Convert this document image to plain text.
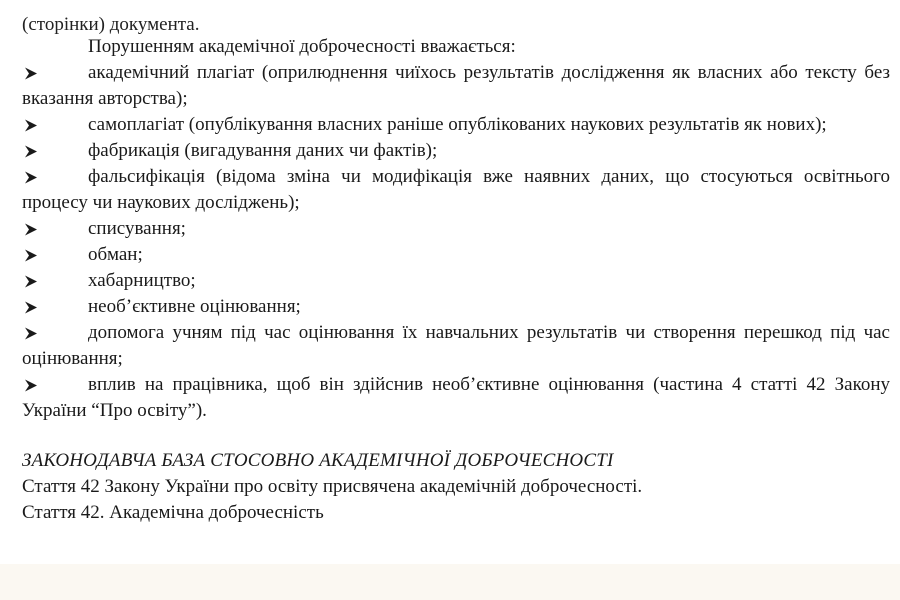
(сторінки) документа.

Порушенням академічної доброчесності вважається:

академічний плагіат (оприлюднення чиїхось результатів дослідження як власних або тексту без вказання авторства);
самоплагіат (опублікування власних раніше опублікованих наукових результатів як нових);
фабрикація (вигадування даних чи фактів);
фальсифікація (відома зміна чи модифікація вже наявних даних, що стосуються освітнього процесу чи наукових досліджень);
списування;
обман;
хабарництво;
необ’єктивне оцінювання;
допомога учням під час оцінювання їх навчальних результатів чи створення перешкод під час оцінювання;
вплив на працівника, щоб він здійснив необ’єктивне оцінювання (частина 4 статті 42 Закону України “Про освіту”).

ЗАКОНОДАВЧА БАЗА СТОСОВНО АКАДЕМІЧНОЇ ДОБРОЧЕСНОСТІ

Стаття 42 Закону України про освіту присвячена академічній доброчесності.

Стаття 42. Академічна доброчесність
